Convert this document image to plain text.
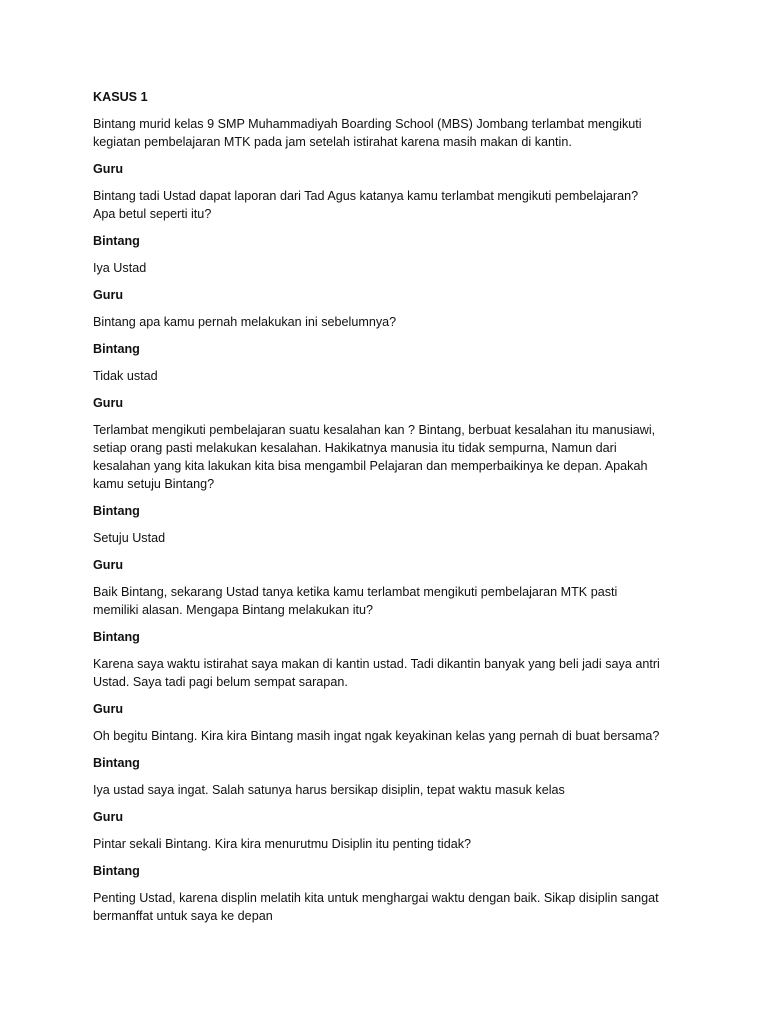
KASUS 1
Bintang murid kelas 9 SMP Muhammadiyah Boarding School (MBS) Jombang terlambat mengikuti
kegiatan pembelajaran MTK pada jam setelah istirahat karena masih makan di kantin.
Guru
Bintang tadi Ustad dapat laporan dari Tad Agus katanya kamu terlambat mengikuti pembelajaran?
Apa betul seperti itu?
Bintang
Iya Ustad
Guru
Bintang apa kamu pernah melakukan ini sebelumnya?
Bintang
Tidak ustad
Guru
Terlambat mengikuti pembelajaran suatu kesalahan kan ? Bintang, berbuat kesalahan itu manusiawi,
setiap orang pasti melakukan kesalahan. Hakikatnya manusia itu tidak sempurna, Namun dari
kesalahan yang kita lakukan kita bisa mengambil Pelajaran dan memperbaikinya ke depan. Apakah
kamu setuju Bintang?
Bintang
Setuju Ustad
Guru
Baik Bintang, sekarang Ustad tanya ketika kamu terlambat mengikuti pembelajaran MTK pasti
memiliki alasan. Mengapa Bintang melakukan itu?
Bintang
Karena saya waktu istirahat saya makan di kantin ustad. Tadi dikantin banyak yang beli jadi saya antri
Ustad. Saya tadi pagi belum sempat sarapan.
Guru
Oh begitu Bintang. Kira kira Bintang masih ingat ngak keyakinan kelas yang pernah di buat bersama?
Bintang
Iya ustad saya ingat. Salah satunya harus bersikap disiplin, tepat waktu masuk kelas
Guru
Pintar sekali Bintang. Kira kira menurutmu Disiplin itu penting tidak?
Bintang
Penting Ustad, karena displin melatih kita untuk menghargai waktu dengan baik. Sikap disiplin sangat
bermanffat untuk saya ke depan
